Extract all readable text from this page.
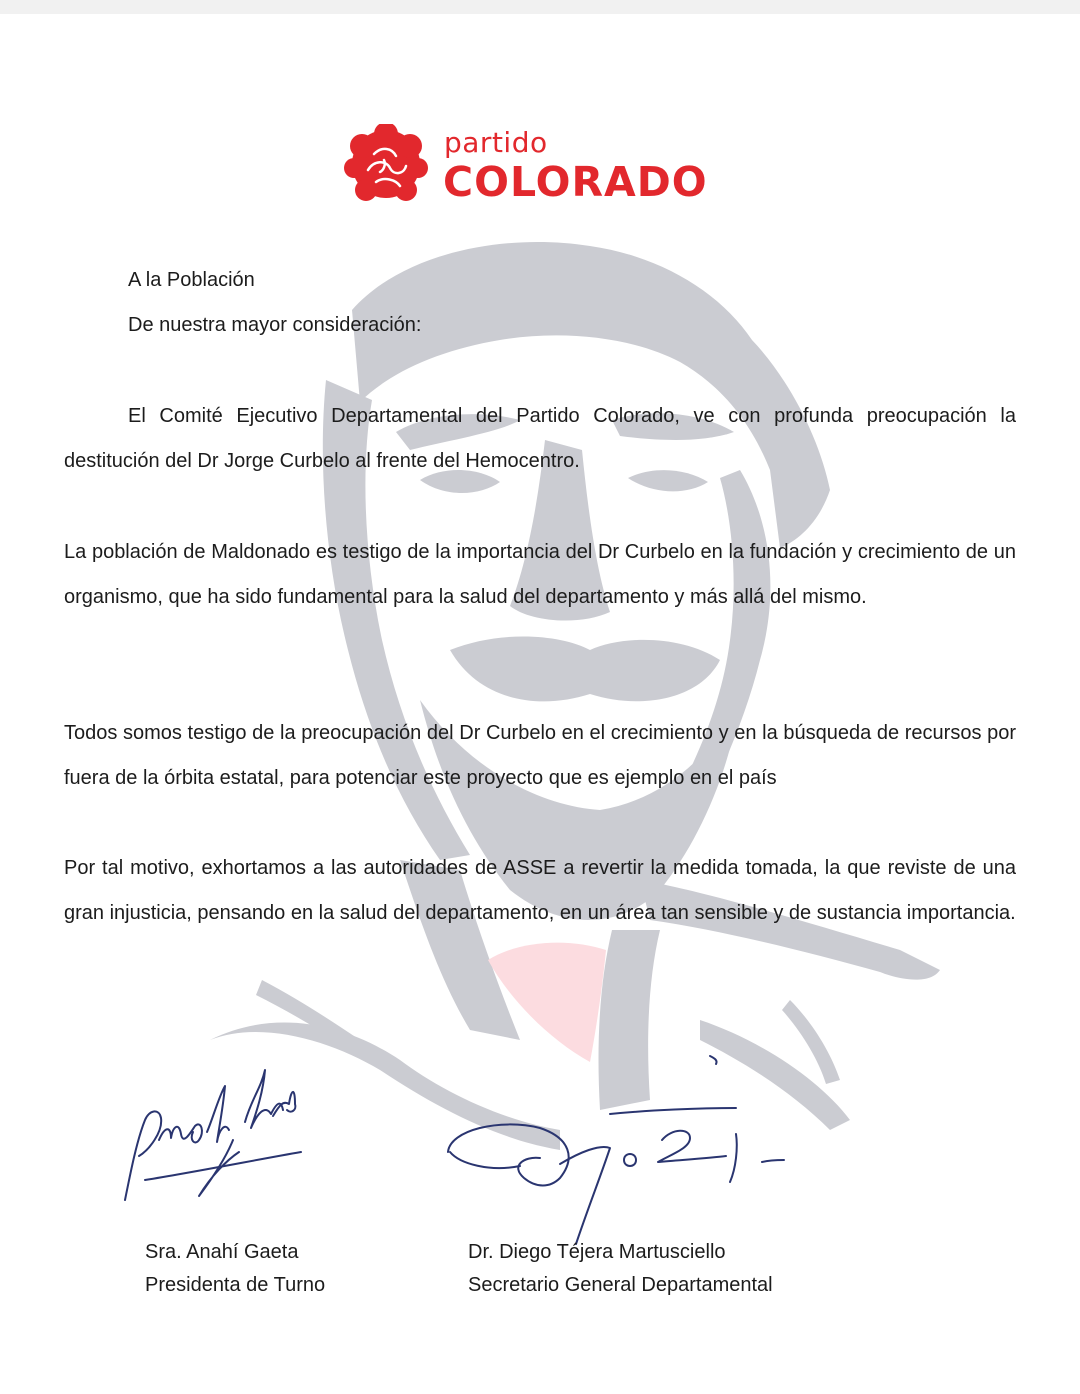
partido
COLORADO
A la Población
De nuestra mayor consideración:
El Comité Ejecutivo Departamental del Partido Colorado, ve con profunda preocupación la destitución del Dr Jorge Curbelo al frente del Hemocentro.
La población de Maldonado es testigo de la importancia del Dr Curbelo en la fundación y crecimiento de un organismo, que ha sido fundamental para la salud del departamento y más allá del mismo.
Todos somos testigo de la preocupación del Dr Curbelo en el crecimiento y en la búsqueda de recursos por fuera de la órbita estatal, para potenciar este proyecto que es ejemplo en el país
Por tal motivo, exhortamos a las autoridades de ASSE a revertir la medida tomada, la que reviste de una gran injusticia, pensando en la salud del departamento, en un área tan sensible y de sustancia importancia.
Sra. Anahí Gaeta
Presidenta de Turno
Dr. Diego Téjera Martusciello
Secretario General Departamental
